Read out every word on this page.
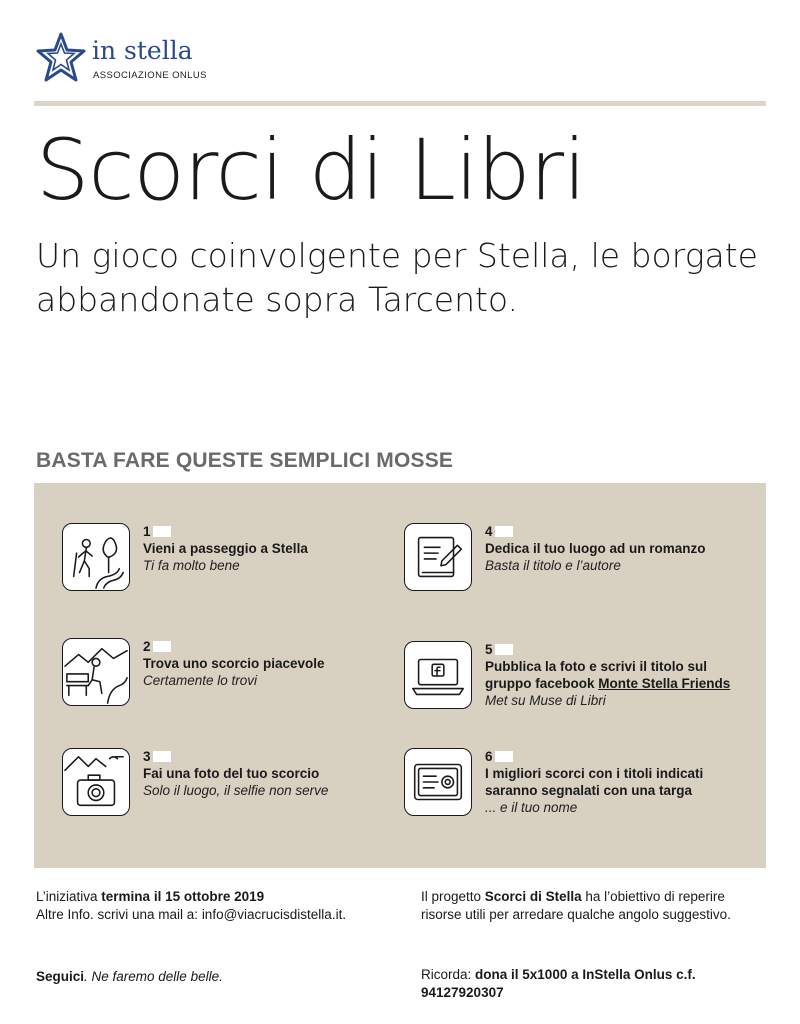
in stella
ASSOCIAZIONE ONLUS
Scorci di Libri
Un gioco coinvolgente per Stella, le borgate abbandonate sopra Tarcento.
BASTA FARE QUESTE SEMPLICI MOSSE
1
Vieni a passeggio a Stella
Ti fa molto bene
2
Trova uno scorcio piacevole
Certamente lo trovi
3
Fai una foto del tuo scorcio
Solo il luogo, il selfie non serve
4
Dedica il tuo luogo ad un romanzo
Basta il titolo e l’autore
5
Pubblica la foto e scrivi il titolo sul gruppo facebook Monte Stella Friends
Met su Muse di Libri
6
I migliori scorci con i titoli indicati saranno segnalati con una targa
... e il tuo nome
L’iniziativa termina il 15 ottobre 2019
Altre Info. scrivi una mail a: info@viacrucisdistella.it.
Il progetto Scorci di Stella ha l’obiettivo di reperire risorse utili per arredare qualche angolo suggestivo.
Seguici. Ne faremo delle belle.	Ricorda: dona il 5x1000 a InStella Onlus c.f. 94127920307
